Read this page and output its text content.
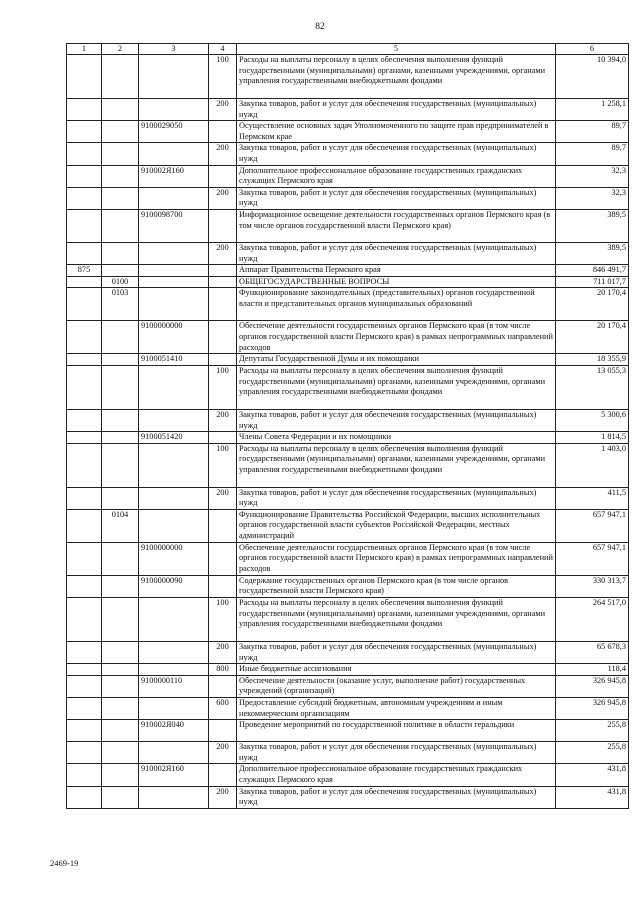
82
1	2	3	4	5	6
			100	Расходы на выплаты персоналу в целях обеспечения выполнения функций государственными (муниципальными) органами, казенными учреждениями, органами управления государственными внебюджетными фондами	10 394,0
			200	Закупка товаров, работ и услуг для обеспечения государственных (муниципальных) нужд	1 258,1
		9100029050		Осуществление основных задач Уполномоченного по защите прав предпринимателей в Пермском крае	89,7
			200	Закупка товаров, работ и услуг для обеспечения государственных (муниципальных) нужд	89,7
		910002Я160		Дополнительное профессиональное образование государственных гражданских служащих Пермского края	32,3
			200	Закупка товаров, работ и услуг для обеспечения государственных (муниципальных) нужд	32,3
		9100098700		Информационное освещение деятельности государственных органов Пермского края (в том числе органов государственной власти Пермского края)	389,5
			200	Закупка товаров, работ и услуг для обеспечения государственных (муниципальных) нужд	389,5
875				Аппарат Правительства Пермского края	846 491,7
	0100			ОБЩЕГОСУДАРСТВЕННЫЕ ВОПРОСЫ	711 017,7
	0103			Функционирование законодательных (представительных) органов государственной власти и представительных органов муниципальных образований	20 170,4
		9100000000		Обеспечение деятельности государственных органов Пермского края (в том числе органов государственной власти Пермского края) в рамках непрограммных направлений расходов	20 170,4
		9100051410		Депутаты Государственной Думы и их помощники	18 355,9
			100	Расходы на выплаты персоналу в целях обеспечения выполнения функций государственными (муниципальными) органами, казенными учреждениями, органами управления государственными внебюджетными фондами	13 055,3
			200	Закупка товаров, работ и услуг для обеспечения государственных (муниципальных) нужд	5 300,6
		9100051420		Члены Совета Федерации и их помощники	1 814,5
			100	Расходы на выплаты персоналу в целях обеспечения выполнения функций государственными (муниципальными) органами, казенными учреждениями, органами управления государственными внебюджетными фондами	1 403,0
			200	Закупка товаров, работ и услуг для обеспечения государственных (муниципальных) нужд	411,5
	0104			Функционирование Правительства Российской Федерации, высших исполнительных органов государственной власти субъектов Российской Федерации, местных администраций	657 947,1
		9100000000		Обеспечение деятельности государственных органов Пермского края (в том числе органов государственной власти Пермского края) в рамках непрограммных направлений расходов	657 947,1
		9100000090		Содержание государственных органов Пермского края (в том числе органов государственной власти Пермского края)	330 313,7
			100	Расходы на выплаты персоналу в целях обеспечения выполнения функций государственными (муниципальными) органами, казенными учреждениями, органами управления государственными внебюджетными фондами	264 517,0
			200	Закупка товаров, работ и услуг для обеспечения государственных (муниципальных) нужд	65 678,3
			800	Иные бюджетные ассигнования	118,4
		9100000110		Обеспечение деятельности (оказание услуг, выполнение работ) государственных учреждений (организаций)	326 945,8
			600	Предоставление субсидий бюджетным, автономным учреждениям и иным некоммерческим организациям	326 945,8
		910002Я040		Проведение мероприятий по государственной политике в области геральдики	255,8
			200	Закупка товаров, работ и услуг для обеспечения государственных (муниципальных) нужд	255,8
		910002Я160		Дополнительное профессиональное образование государственных гражданских служащих Пермского края	431,8
			200	Закупка товаров, работ и услуг для обеспечения государственных (муниципальных) нужд	431,8
2469-19
